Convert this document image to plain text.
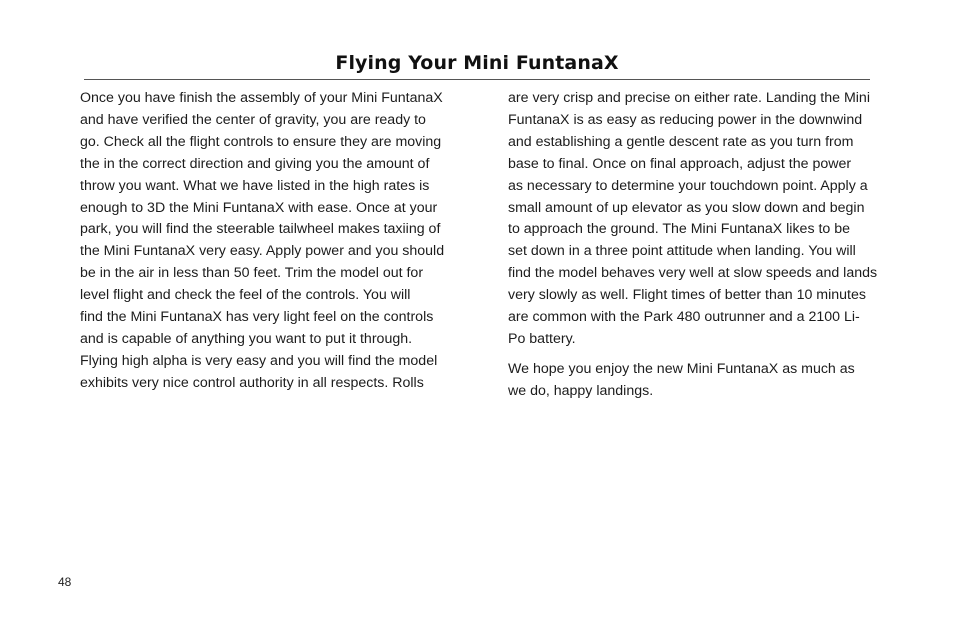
Flying Your Mini FuntanaX

Once you have finish the assembly of your Mini FuntanaX
and have verified the center of gravity, you are ready to
go. Check all the flight controls to ensure they are moving
the in the correct direction and giving you the amount of
throw you want. What we have listed in the high rates is
enough to 3D the Mini FuntanaX with ease. Once at your
park, you will find the steerable tailwheel makes taxiing of
the Mini FuntanaX very easy. Apply power and you should
be in the air in less than 50 feet. Trim the model out for
level flight and check the feel of the controls. You will
find the Mini FuntanaX has very light feel on the controls
and is capable of anything you want to put it through.
Flying high alpha is very easy and you will find the model
exhibits very nice control authority in all respects. Rolls

are very crisp and precise on either rate. Landing the Mini
FuntanaX is as easy as reducing power in the downwind
and establishing a gentle descent rate as you turn from
base to final. Once on final approach, adjust the power
as necessary to determine your touchdown point. Apply a
small amount of up elevator as you slow down and begin
to approach the ground. The Mini FuntanaX likes to be
set down in a three point attitude when landing. You will
find the model behaves very well at slow speeds and lands
very slowly as well. Flight times of better than 10 minutes
are common with the Park 480 outrunner and a 2100 Li-
Po battery.

We hope you enjoy the new Mini FuntanaX as much as
we do, happy landings.

48
